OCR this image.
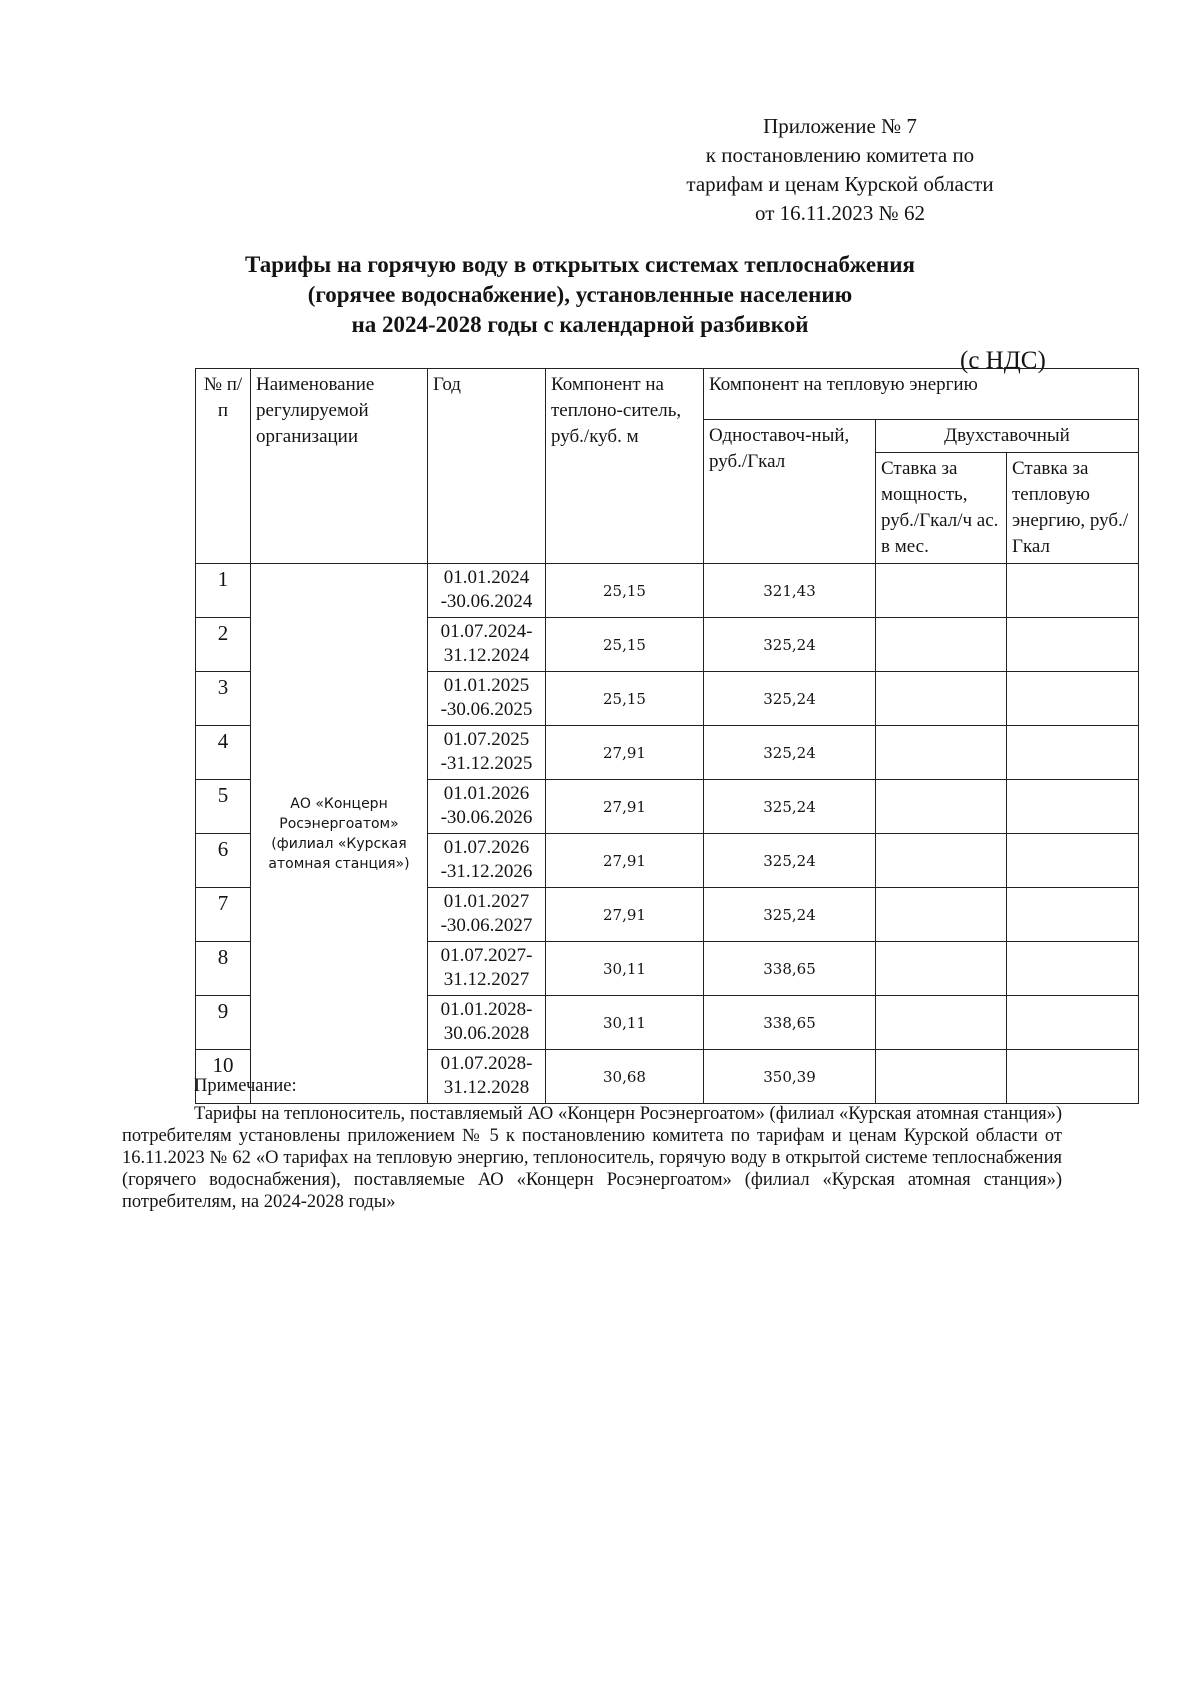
Приложение № 7
к постановлению комитета по
тарифам и ценам Курской области
от 16.11.2023 № 62
Тарифы на горячую воду в открытых системах теплоснабжения
(горячее водоснабжение), установленные населению
на 2024-2028 годы с календарной разбивкой
(с НДС)
№ п/п	Наименование регулируемой организации	Год	Компонент на теплоно-ситель, руб./куб. м	Компонент на тепловую энергию		
				Одноставоч-ный, руб./Гкал	Двухставочный	
					Ставка за мощность, руб./Гкал/ч ас. в мес.	Ставка за тепловую энергию, руб./Гкал
1	АО «Концерн Росэнергоатом» (филиал «Курская атомная станция»)	01.01.2024 -30.06.2024	25,15	321,43		
2		01.07.2024- 31.12.2024	25,15	325,24		
3		01.01.2025 -30.06.2025	25,15	325,24		
4		01.07.2025 -31.12.2025	27,91	325,24		
5		01.01.2026 -30.06.2026	27,91	325,24		
6		01.07.2026 -31.12.2026	27,91	325,24		
7		01.01.2027 -30.06.2027	27,91	325,24		
8		01.07.2027- 31.12.2027	30,11	338,65		
9		01.01.2028- 30.06.2028	30,11	338,65		
10		01.07.2028- 31.12.2028	30,68	350,39		
Примечание:
Тарифы на теплоноситель, поставляемый АО «Концерн Росэнергоатом» (филиал «Курская атомная станция») потребителям установлены приложением № 5 к постановлению комитета по тарифам и ценам Курской области от 16.11.2023 № 62 «О тарифах на тепловую энергию, теплоноситель, горячую воду в открытой системе теплоснабжения (горячего водоснабжения), поставляемые АО «Концерн Росэнергоатом» (филиал «Курская атомная станция») потребителям, на 2024-2028 годы»
